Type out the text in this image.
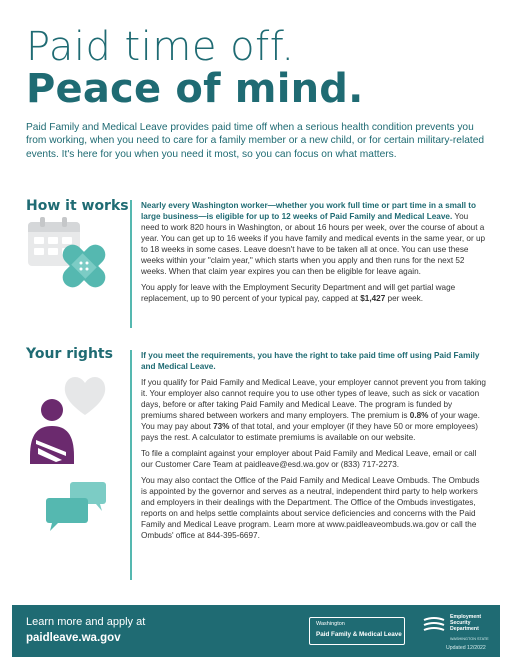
Paid time off.
Peace of mind.

Paid Family and Medical Leave provides paid time off when a serious health condition prevents you from working, when you need to care for a family member or a new child, or for certain military-related events. It's here for you when you need it most, so you can focus on what matters.

How it works Nearly every Washington worker—whether you work full time or part time in a small to large business—is eligible for up to 12 weeks of Paid Family and Medical Leave. You need to work 820 hours in Washington, or about 16 hours per week, over the course of about a year. You can get up to 16 weeks if you have family and medical events in the same year, or up to 18 weeks in some cases. Leave doesn't have to be taken all at once. You can use these weeks within your "claim year," which starts when you apply and then runs for the next 52 weeks. When that claim year expires you can then be eligible for leave again.

You apply for leave with the Employment Security Department and will get partial wage replacement, up to 90 percent of your typical pay, capped at $1,427 per week.

Your rights	If you meet the requirements, you have the right to take paid time off using Paid Family and Medical Leave.

If you qualify for Paid Family and Medical Leave, your employer cannot prevent you from taking it. Your employer also cannot require you to use other types of leave, such as sick or vacation days, before or after taking Paid Family and Medical Leave. The program is funded by premiums shared between workers and many employers. The premium is 0.8% of your wage. You may pay about 73% of that total, and your employer (if they have 50 or more employees) pays the rest. A calculator to estimate premiums is available on our website.

To file a complaint against your employer about Paid Family and Medical Leave, email or call our Customer Care Team at paidleave@esd.wa.gov or (833) 717-2273.

You may also contact the Office of the Paid Family and Medical Leave Ombuds. The Ombuds is appointed by the governor and serves as a neutral, independent third party to help workers and employers in their dealings with the Department. The Office of the Ombuds investigates, reports on and helps settle complaints about service deficiencies and concerns with the Paid Family and Medical Leave program. Learn more at www.paidleaveombuds.wa.gov or call the Ombuds' office at 844-395-6697.

Learn more and apply at
paidleave.wa.gov
Washington
Paid Family & Medical Leave
Employment
Security
Department
WASHINGTON STATE
Updated 12/2022
